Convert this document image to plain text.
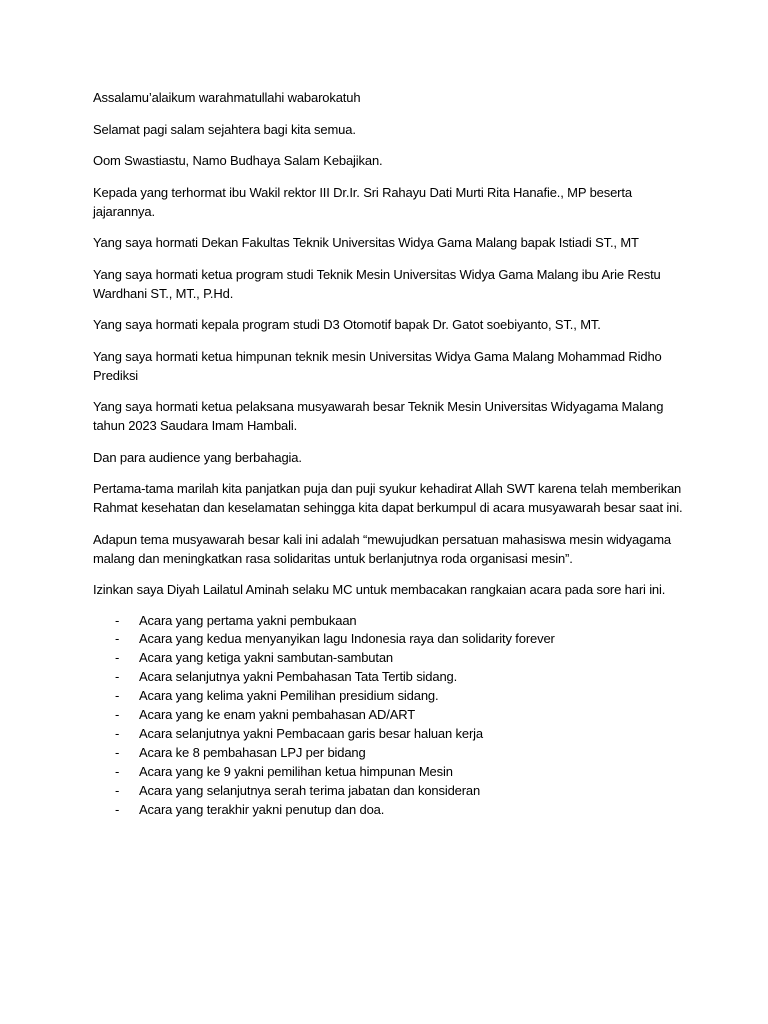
Assalamu’alaikum warahmatullahi wabarokatuh

Selamat pagi salam sejahtera bagi kita semua.

Oom Swastiastu, Namo Budhaya Salam Kebajikan.

Kepada yang terhormat ibu Wakil rektor III Dr.Ir. Sri Rahayu Dati Murti Rita Hanafie., MP beserta jajarannya.

Yang saya hormati Dekan Fakultas Teknik Universitas Widya Gama Malang bapak Istiadi ST., MT

Yang saya hormati ketua program studi Teknik Mesin Universitas Widya Gama Malang ibu Arie Restu Wardhani ST., MT., P.Hd.

Yang saya hormati kepala program studi D3 Otomotif bapak Dr. Gatot soebiyanto, ST., MT.

Yang saya hormati ketua himpunan teknik mesin Universitas Widya Gama Malang Mohammad Ridho Prediksi

Yang saya hormati ketua pelaksana musyawarah besar Teknik Mesin Universitas Widyagama Malang tahun 2023 Saudara Imam Hambali.

Dan para audience yang berbahagia.

Pertama-tama marilah kita panjatkan puja dan puji syukur kehadirat Allah SWT karena telah memberikan Rahmat kesehatan dan keselamatan sehingga kita dapat berkumpul di acara musyawarah besar saat ini.

Adapun tema musyawarah besar kali ini adalah “mewujudkan persatuan mahasiswa mesin widyagama malang dan meningkatkan rasa solidaritas untuk berlanjutnya roda organisasi mesin”.

Izinkan saya Diyah Lailatul Aminah selaku MC untuk membacakan rangkaian acara pada sore hari ini.

- Acara yang pertama yakni pembukaan
- Acara yang kedua menyanyikan lagu Indonesia raya dan solidarity forever
- Acara yang ketiga yakni sambutan-sambutan
- Acara selanjutnya yakni Pembahasan Tata Tertib sidang.
- Acara yang kelima yakni Pemilihan presidium sidang.
- Acara yang ke enam yakni pembahasan AD/ART
- Acara selanjutnya yakni Pembacaan garis besar haluan kerja
- Acara ke 8 pembahasan LPJ per bidang
- Acara yang ke 9 yakni pemilihan ketua himpunan Mesin
- Acara yang selanjutnya serah terima jabatan dan konsideran
- Acara yang terakhir yakni penutup dan doa.
